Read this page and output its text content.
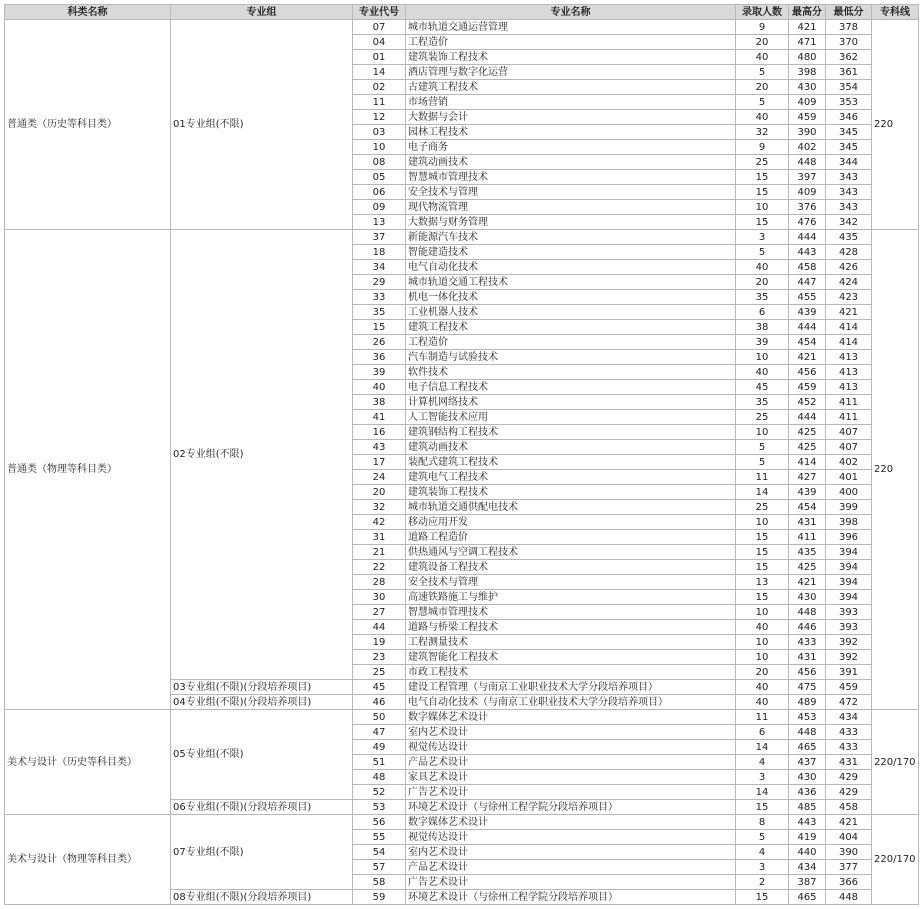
科类名称	专业组	专业代号	专业名称	录取人数	最高分	最低分	专科线
普通类（历史等科目类）	01专业组(不限)	07	城市轨道交通运营管理	9	421	378	220
		04	工程造价	20	471	370	
		01	建筑装饰工程技术	40	480	362	
		14	酒店管理与数字化运营	5	398	361	
		02	古建筑工程技术	20	430	354	
		11	市场营销	5	409	353	
		12	大数据与会计	40	459	346	
		03	园林工程技术	32	390	345	
		10	电子商务	9	402	345	
		08	建筑动画技术	25	448	344	
		05	智慧城市管理技术	15	397	343	
		06	安全技术与管理	15	409	343	
		09	现代物流管理	10	376	343	
		13	大数据与财务管理	15	476	342	
普通类（物理等科目类）	02专业组(不限)	37	新能源汽车技术	3	444	435	220
		18	智能建造技术	5	443	428	
		34	电气自动化技术	40	458	426	
		29	城市轨道交通工程技术	20	447	424	
		33	机电一体化技术	35	455	423	
		35	工业机器人技术	6	439	421	
		15	建筑工程技术	38	444	414	
		26	工程造价	39	454	414	
		36	汽车制造与试验技术	10	421	413	
		39	软件技术	40	456	413	
		40	电子信息工程技术	45	459	413	
		38	计算机网络技术	35	452	411	
		41	人工智能技术应用	25	444	411	
		16	建筑钢结构工程技术	10	425	407	
		43	建筑动画技术	5	425	407	
		17	装配式建筑工程技术	5	414	402	
		24	建筑电气工程技术	11	427	401	
		20	建筑装饰工程技术	14	439	400	
		32	城市轨道交通供配电技术	25	454	399	
		42	移动应用开发	10	431	398	
		31	道路工程造价	15	411	396	
		21	供热通风与空调工程技术	15	435	394	
		22	建筑设备工程技术	15	425	394	
		28	安全技术与管理	13	421	394	
		30	高速铁路施工与维护	15	430	394	
		27	智慧城市管理技术	10	448	393	
		44	道路与桥梁工程技术	40	446	393	
		19	工程测量技术	10	433	392	
		23	建筑智能化工程技术	10	431	392	
		25	市政工程技术	20	456	391	
	03专业组(不限)(分段培养项目)	45	建设工程管理（与南京工业职业技术大学分段培养项目）	40	475	459	
	04专业组(不限)(分段培养项目)	46	电气自动化技术（与南京工业职业技术大学分段培养项目）	40	489	472	
美术与设计（历史等科目类）	05专业组(不限)	50	数字媒体艺术设计	11	453	434	220/170
		47	室内艺术设计	6	448	433	
		49	视觉传达设计	14	465	433	
		51	产品艺术设计	4	437	431	
		48	家具艺术设计	3	430	429	
		52	广告艺术设计	14	436	429	
	06专业组(不限)(分段培养项目)	53	环境艺术设计（与徐州工程学院分段培养项目）	15	485	458	
美术与设计（物理等科目类）	07专业组(不限)	56	数字媒体艺术设计	8	443	421	220/170
		55	视觉传达设计	5	419	404	
		54	室内艺术设计	4	440	390	
		57	产品艺术设计	3	434	377	
		58	广告艺术设计	2	387	366	
	08专业组(不限)(分段培养项目)	59	环境艺术设计（与徐州工程学院分段培养项目）	15	465	448	
